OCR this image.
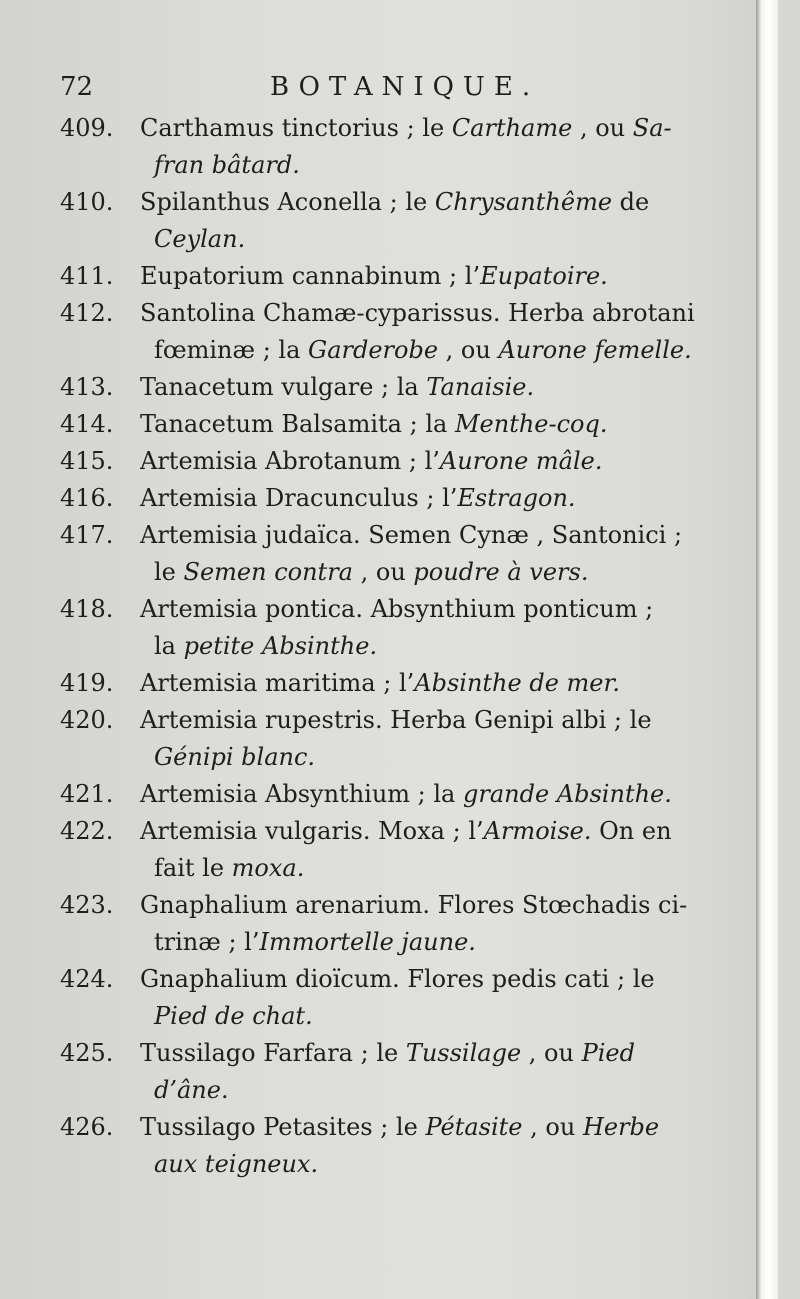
72	BOTANIQUE.
409.	Carthamus tinctorius ; le Carthame , ou Sa-
fran bâtard.
410.	Spilanthus Aconella ; le Chrysanthême de
Ceylan.
411.	Eupatorium cannabinum ; l’Eupatoire.
412.	Santolina Chamæ-cyparissus. Herba abrotani
fœminæ ; la Garderobe , ou Aurone femelle.
413.	Tanacetum vulgare ; la Tanaisie.
414.	Tanacetum Balsamita ; la Menthe-coq.
415.	Artemisia Abrotanum ; l’Aurone mâle.
416.	Artemisia Dracunculus ; l’Estragon.
417.	Artemisia judaïca. Semen Cynæ , Santonici ;
le Semen contra , ou poudre à vers.
418.	Artemisia pontica. Absynthium ponticum ;
la petite Absinthe.
419.	Artemisia maritima ; l’Absinthe de mer.
420.	Artemisia rupestris. Herba Genipi albi ; le
Génipi blanc.
421.	Artemisia Absynthium ; la grande Absinthe.
422.	Artemisia vulgaris. Moxa ; l’Armoise. On en
fait le moxa.
423.	Gnaphalium arenarium. Flores Stœchadis ci-
trinæ ; l’Immortelle jaune.
424.	Gnaphalium dioïcum. Flores pedis cati ; le
Pied de chat.
425.	Tussilago Farfara ; le Tussilage , ou Pied
d’âne.
426.	Tussilago Petasites ; le Pétasite , ou Herbe
aux teigneux.
